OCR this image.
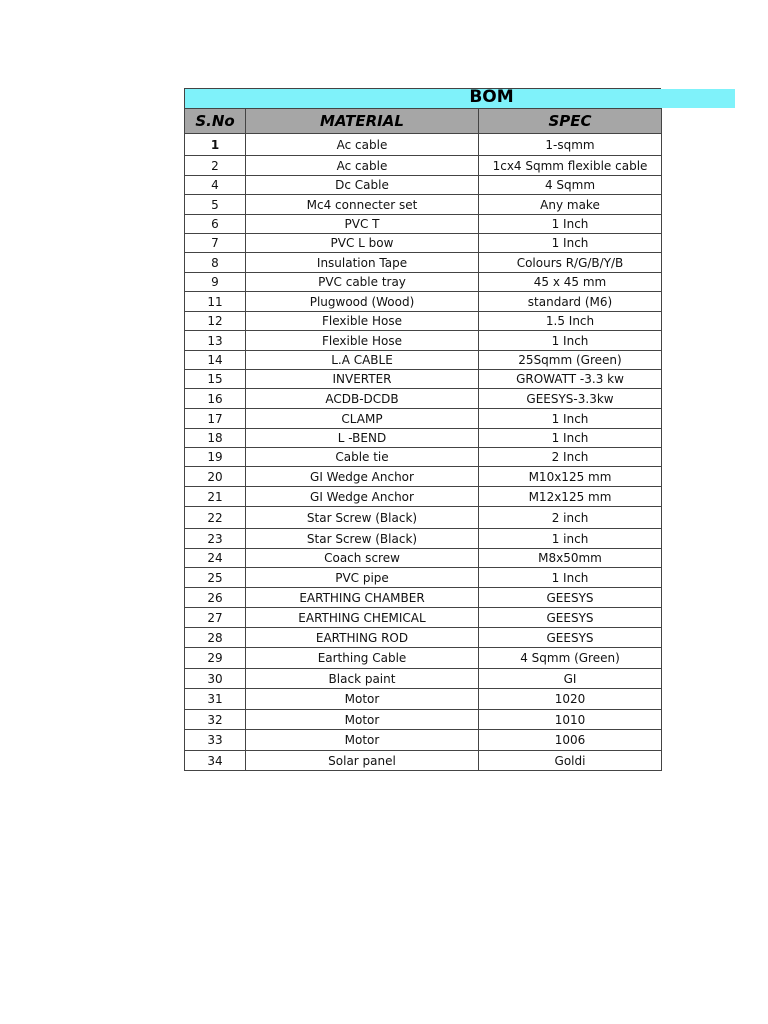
BOM
S.No	MATERIAL	SPEC
1	Ac cable	1-sqmm
2	Ac cable	1cx4 Sqmm flexible cable
4	Dc Cable	4 Sqmm
5	Mc4 connecter set	Any make
6	PVC T	1 Inch
7	PVC L bow	1 Inch
8	Insulation Tape	Colours R/G/B/Y/B
9	PVC cable tray	45 x 45 mm
11	Plugwood (Wood)	standard (M6)
12	Flexible Hose	1.5 Inch
13	Flexible Hose	1 Inch
14	L.A CABLE	25Sqmm (Green)
15	INVERTER	GROWATT -3.3 kw
16	ACDB-DCDB	GEESYS-3.3kw
17	CLAMP	1 Inch
18	L -BEND	1 Inch
19	Cable tie	2 Inch
20	GI Wedge Anchor	M10x125 mm
21	GI Wedge Anchor	M12x125 mm
22	Star Screw (Black)	2 inch
23	Star Screw (Black)	1 inch
24	Coach screw	M8x50mm
25	PVC pipe	1 Inch
26	EARTHING CHAMBER	GEESYS
27	EARTHING CHEMICAL	GEESYS
28	EARTHING ROD	GEESYS
29	Earthing Cable	4 Sqmm (Green)
30	Black paint	GI
31	Motor	1020
32	Motor	1010
33	Motor	1006
34	Solar panel	Goldi
